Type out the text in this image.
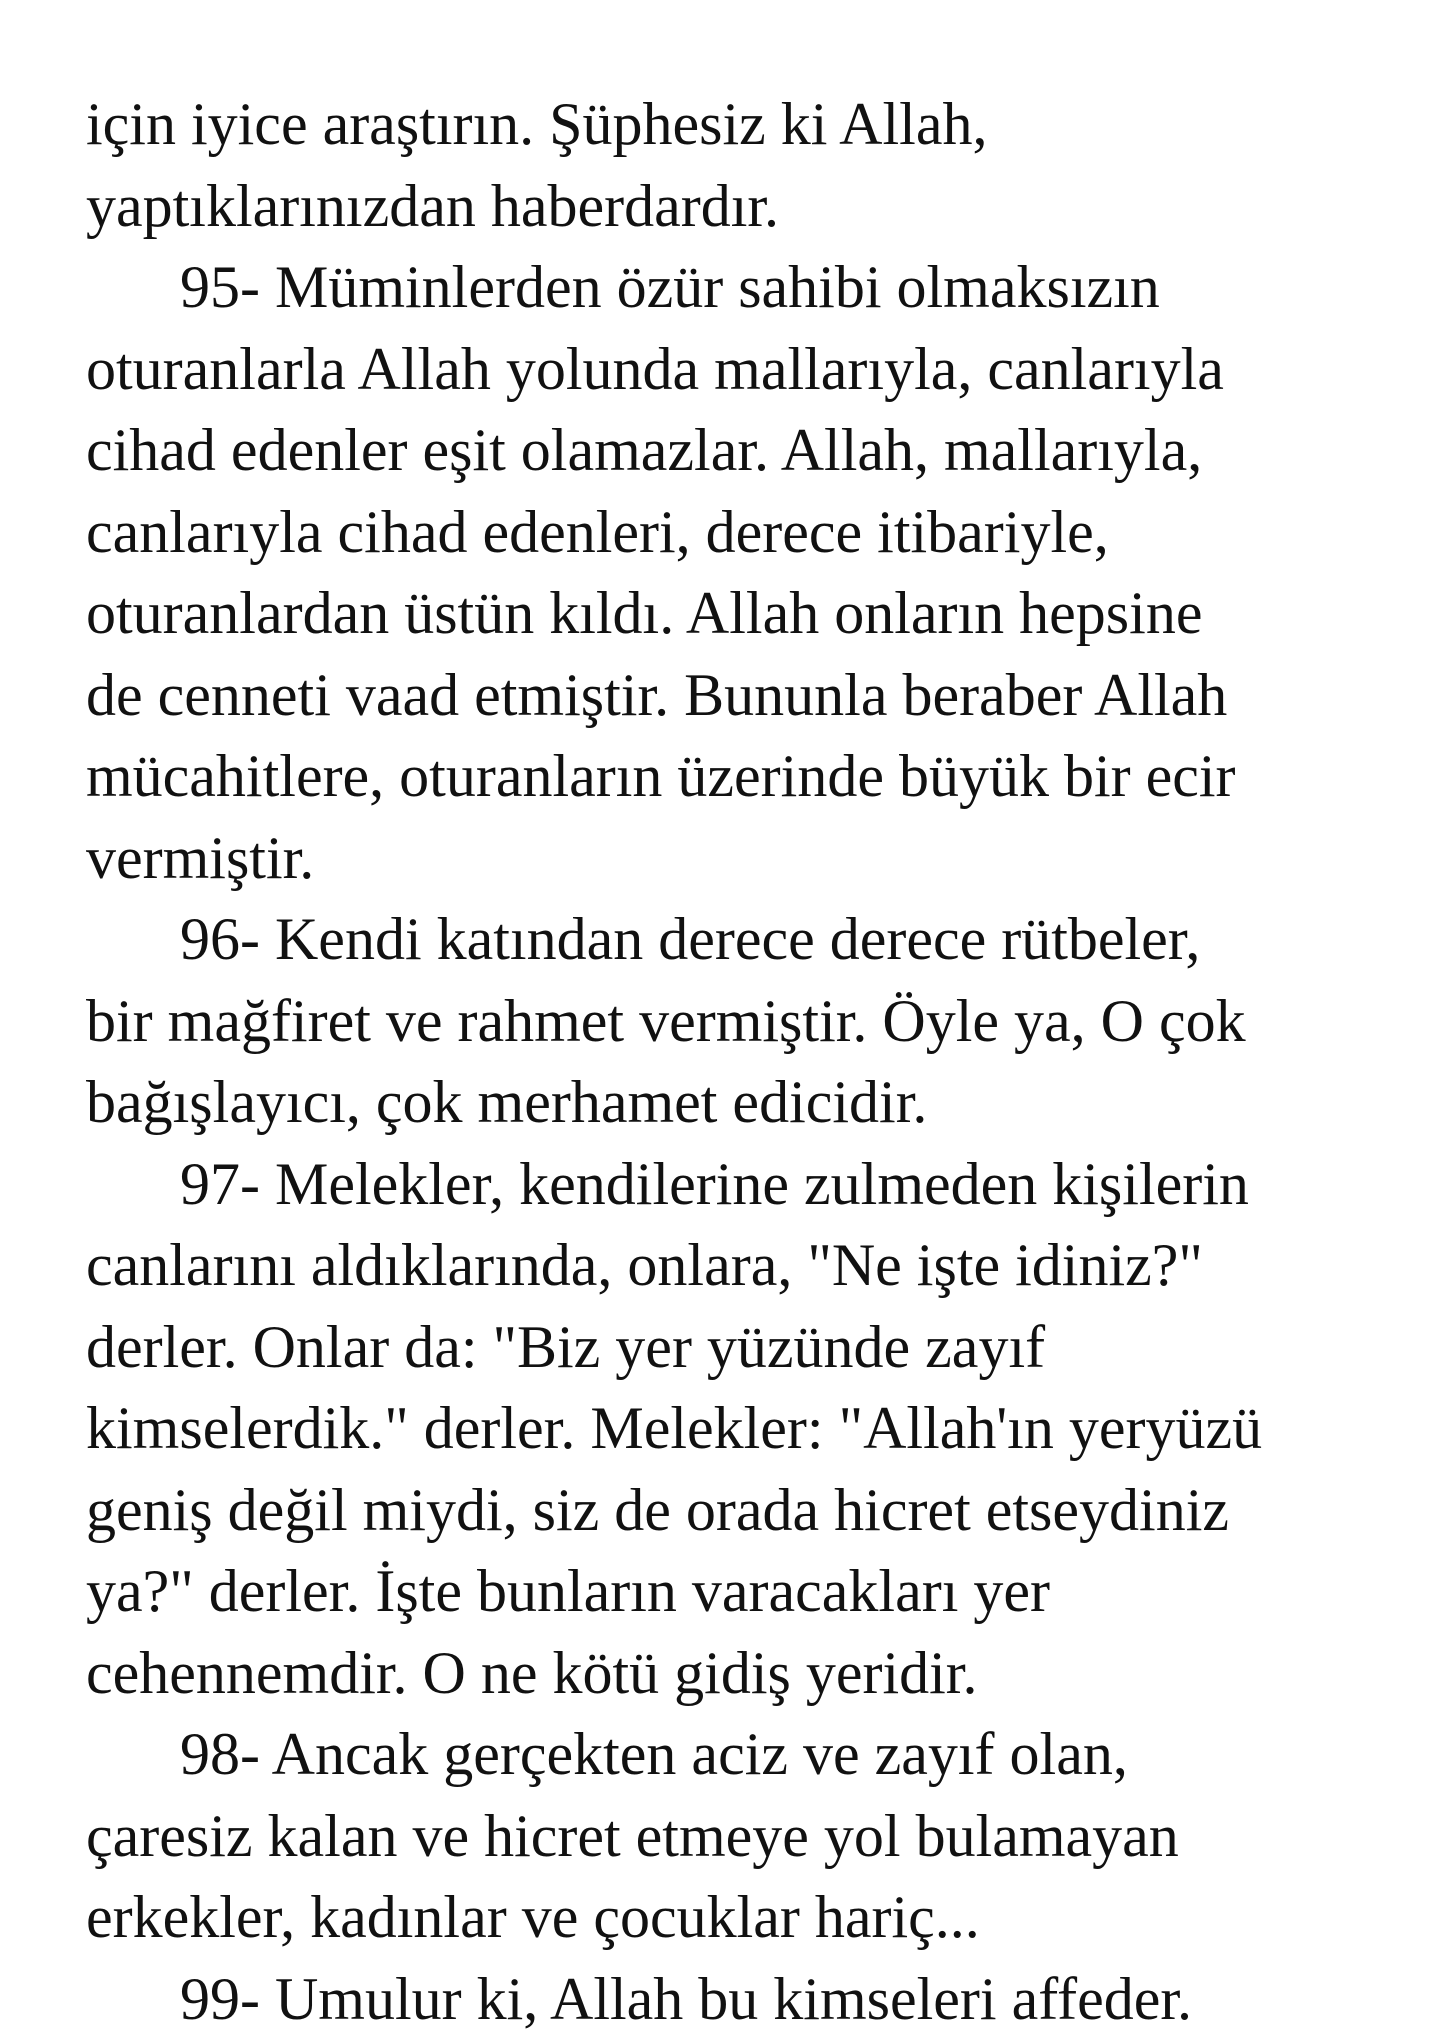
için iyice araştırın. Şüphesiz ki Allah,
yaptıklarınızdan haberdardır.
95- Müminlerden özür sahibi olmaksızın
oturanlarla Allah yolunda mallarıyla, canlarıyla
cihad edenler eşit olamazlar. Allah, mallarıyla,
canlarıyla cihad edenleri, derece itibariyle,
oturanlardan üstün kıldı. Allah onların hepsine
de cenneti vaad etmiştir. Bununla beraber Allah
mücahitlere, oturanların üzerinde büyük bir ecir
vermiştir.
96- Kendi katından derece derece rütbeler,
bir mağfiret ve rahmet vermiştir. Öyle ya, O çok
bağışlayıcı, çok merhamet edicidir.
97- Melekler, kendilerine zulmeden kişilerin
canlarını aldıklarında, onlara, "Ne işte idiniz?"
derler. Onlar da: "Biz yer yüzünde zayıf
kimselerdik." derler. Melekler: "Allah'ın yeryüzü
geniş değil miydi, siz de orada hicret etseydiniz
ya?" derler. İşte bunların varacakları yer
cehennemdir. O ne kötü gidiş yeridir.
98- Ancak gerçekten aciz ve zayıf olan,
çaresiz kalan ve hicret etmeye yol bulamayan
erkekler, kadınlar ve çocuklar hariç...
99- Umulur ki, Allah bu kimseleri affeder.
